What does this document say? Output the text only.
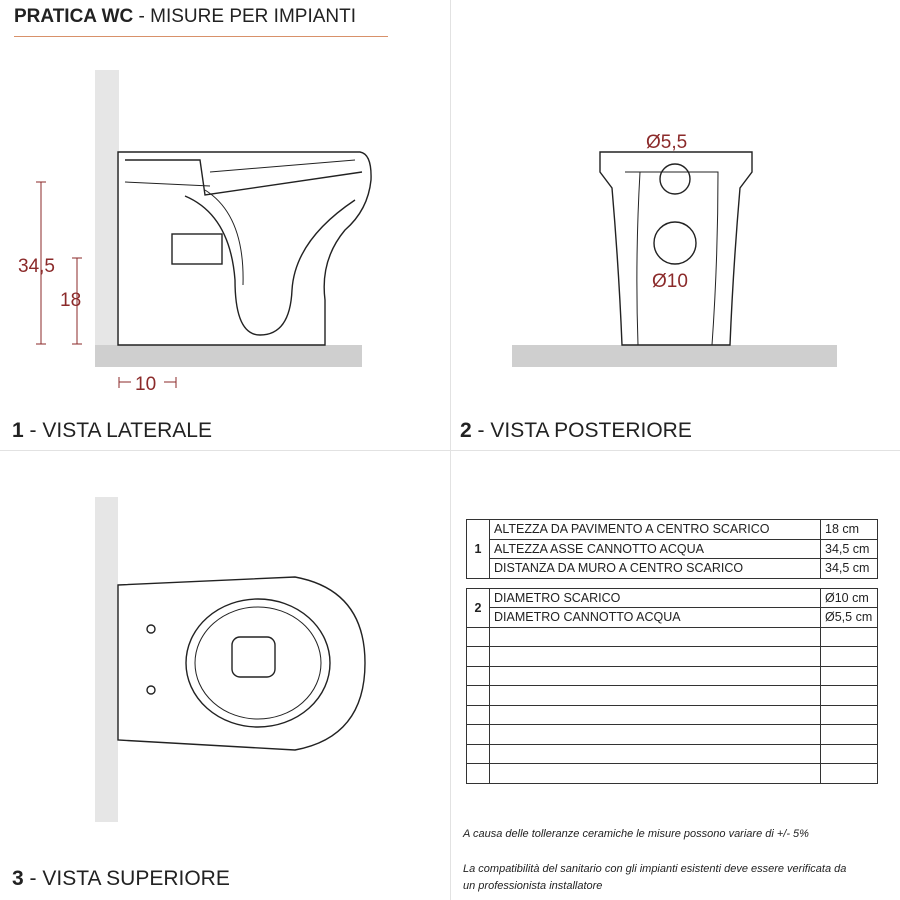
PRATICA WC - MISURE PER IMPIANTI
34,5
18
10
Ø5,5
Ø10
1 - VISTA LATERALE	2 - VISTA POSTERIORE
3 - VISTA SUPERIORE
1	ALTEZZA DA PAVIMENTO A CENTRO SCARICO	18 cm
	ALTEZZA ASSE CANNOTTO ACQUA	34,5 cm
	DISTANZA DA MURO A CENTRO SCARICO	34,5 cm

2	DIAMETRO SCARICO	Ø10 cm
	DIAMETRO CANNOTTO ACQUA	Ø5,5 cm

A causa delle tolleranze ceramiche le misure possono variare di +/- 5%
La compatibilità del sanitario con gli impianti esistenti deve essere verificata da
un professionista installatore
